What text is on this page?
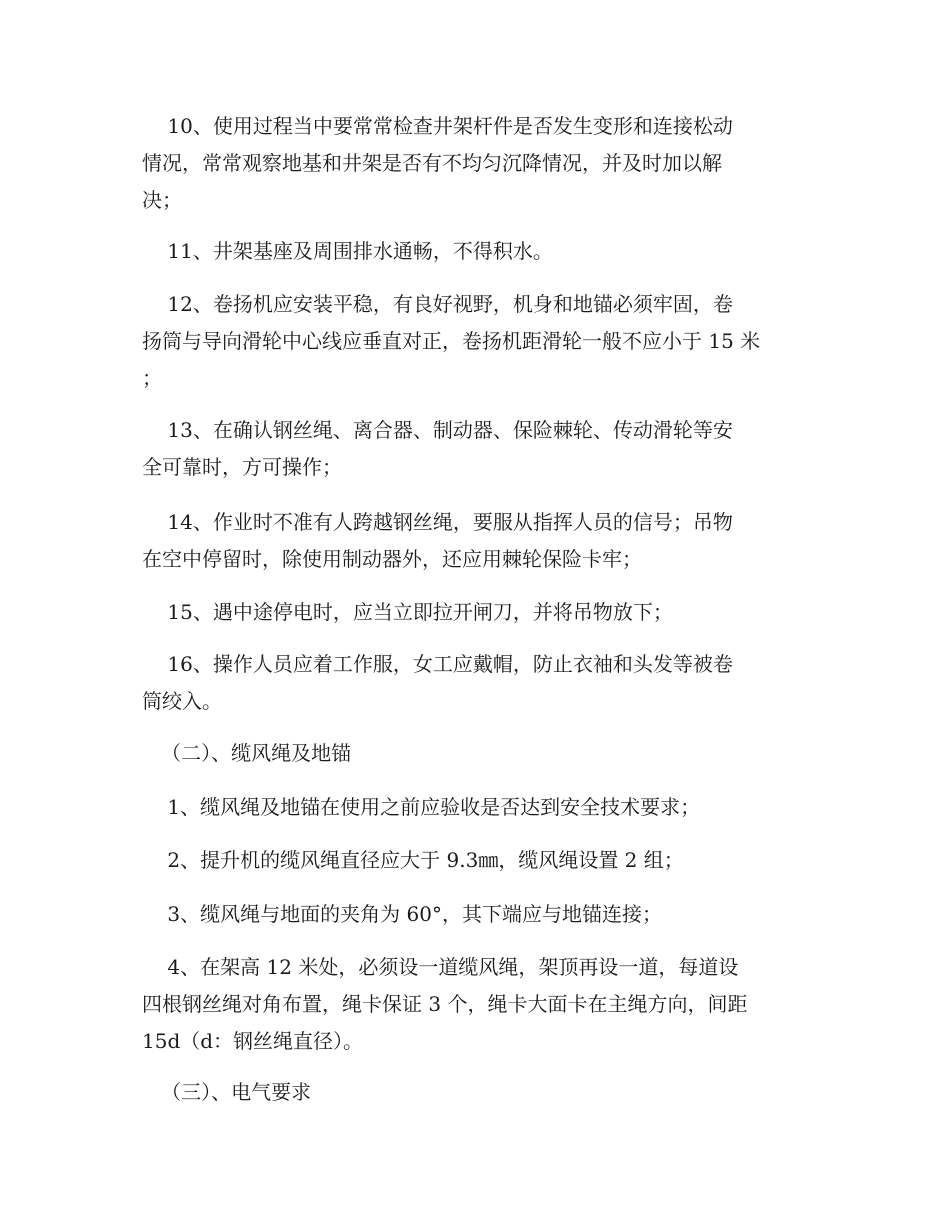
10、使用过程当中要常常检查井架杆件是否发生变形和连接松动
情况，常常观察地基和井架是否有不均匀沉降情况，并及时加以解
决；
11、井架基座及周围排水通畅，不得积水。
12、卷扬机应安装平稳，有良好视野，机身和地锚必须牢固，卷
扬筒与导向滑轮中心线应垂直对正，卷扬机距滑轮一般不应小于 15 米
；
13、在确认钢丝绳、离合器、制动器、保险棘轮、传动滑轮等安
全可靠时，方可操作；
14、作业时不准有人跨越钢丝绳，要服从指挥人员的信号；吊物
在空中停留时，除使用制动器外，还应用棘轮保险卡牢；
15、遇中途停电时，应当立即拉开闸刀，并将吊物放下；
16、操作人员应着工作服，女工应戴帽，防止衣袖和头发等被卷
筒绞入。
（二）、缆风绳及地锚
1、缆风绳及地锚在使用之前应验收是否达到安全技术要求；
2、提升机的缆风绳直径应大于 9.3㎜，缆风绳设置 2 组；
3、缆风绳与地面的夹角为 60°，其下端应与地锚连接；
4、在架高 12 米处，必须设一道缆风绳，架顶再设一道，每道设
四根钢丝绳对角布置，绳卡保证 3 个，绳卡大面卡在主绳方向，间距
15d（d：钢丝绳直径）。
（三）、电气要求
